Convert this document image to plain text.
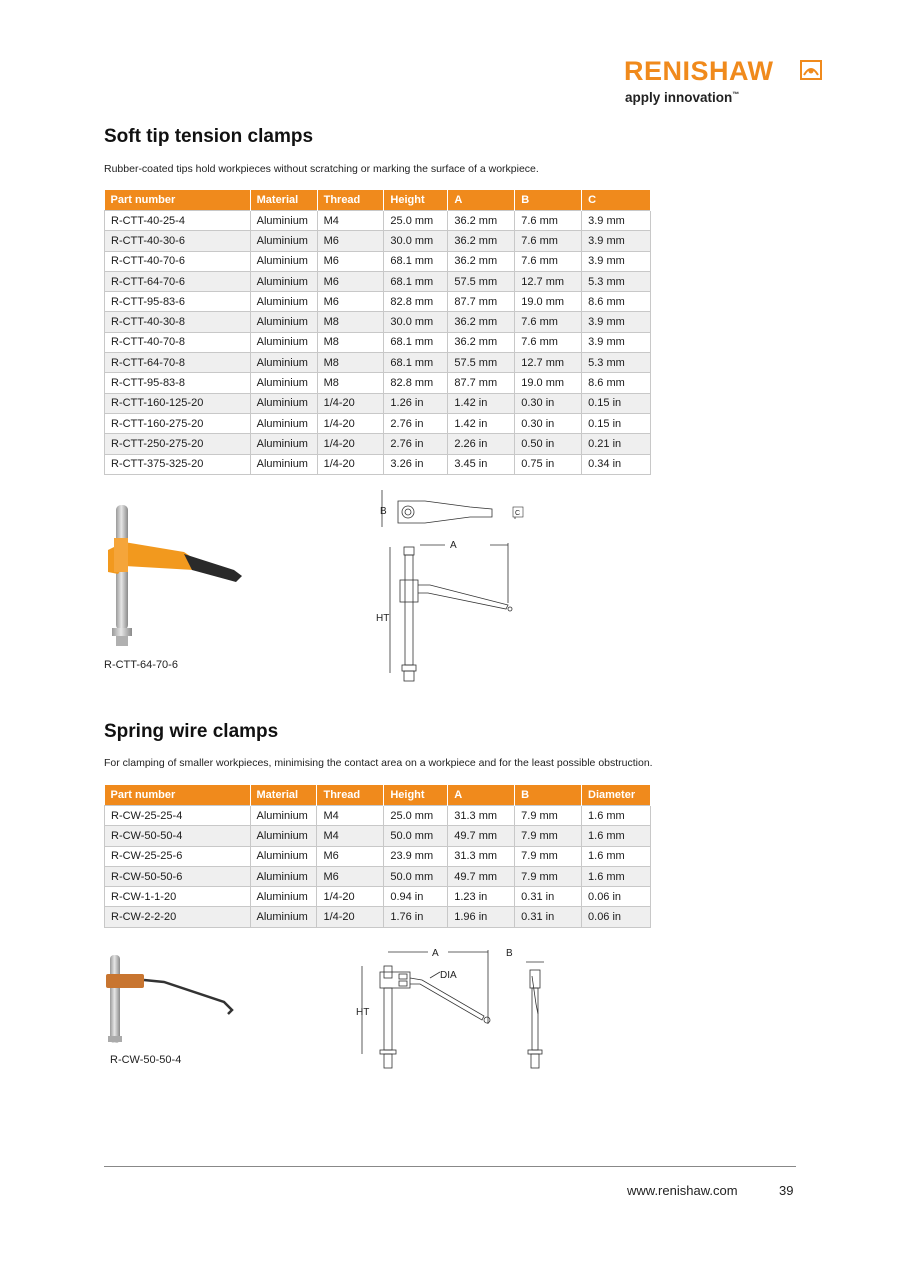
RENISHAW
apply innovation™
Soft tip tension clamps
Rubber-coated tips hold workpieces without scratching or marking the surface of a workpiece.
Part number	Material	Thread	Height	A	B	C
R-CTT-40-25-4	Aluminium	M4	25.0 mm	36.2 mm	7.6 mm	3.9 mm
R-CTT-40-30-6	Aluminium	M6	30.0 mm	36.2 mm	7.6 mm	3.9 mm
R-CTT-40-70-6	Aluminium	M6	68.1 mm	36.2 mm	7.6 mm	3.9 mm
R-CTT-64-70-6	Aluminium	M6	68.1 mm	57.5 mm	12.7 mm	5.3 mm
R-CTT-95-83-6	Aluminium	M6	82.8 mm	87.7 mm	19.0 mm	8.6 mm
R-CTT-40-30-8	Aluminium	M8	30.0 mm	36.2 mm	7.6 mm	3.9 mm
R-CTT-40-70-8	Aluminium	M8	68.1 mm	36.2 mm	7.6 mm	3.9 mm
R-CTT-64-70-8	Aluminium	M8	68.1 mm	57.5 mm	12.7 mm	5.3 mm
R-CTT-95-83-8	Aluminium	M8	82.8 mm	87.7 mm	19.0 mm	8.6 mm
R-CTT-160-125-20	Aluminium	1/4-20	1.26 in	1.42 in	0.30 in	0.15 in
R-CTT-160-275-20	Aluminium	1/4-20	2.76 in	1.42 in	0.30 in	0.15 in
R-CTT-250-275-20	Aluminium	1/4-20	2.76 in	2.26 in	0.50 in	0.21 in
R-CTT-375-325-20	Aluminium	1/4-20	3.26 in	3.45 in	0.75 in	0.34 in
R-CTT-64-70-6
B	C
A
HT
Spring wire clamps
For clamping of smaller workpieces, minimising the contact area on a workpiece and for the least possible obstruction.
Part number	Material	Thread	Height	A	B	Diameter
R-CW-25-25-4	Aluminium	M4	25.0 mm	31.3 mm	7.9 mm	1.6 mm
R-CW-50-50-4	Aluminium	M4	50.0 mm	49.7 mm	7.9 mm	1.6 mm
R-CW-25-25-6	Aluminium	M6	23.9 mm	31.3 mm	7.9 mm	1.6 mm
R-CW-50-50-6	Aluminium	M6	50.0 mm	49.7 mm	7.9 mm	1.6 mm
R-CW-1-1-20	Aluminium	1/4-20	0.94 in	1.23 in	0.31 in	0.06 in
R-CW-2-2-20	Aluminium	1/4-20	1.76 in	1.96 in	0.31 in	0.06 in
R-CW-50-50-4
A	B
DIA
HT
www.renishaw.com	39
